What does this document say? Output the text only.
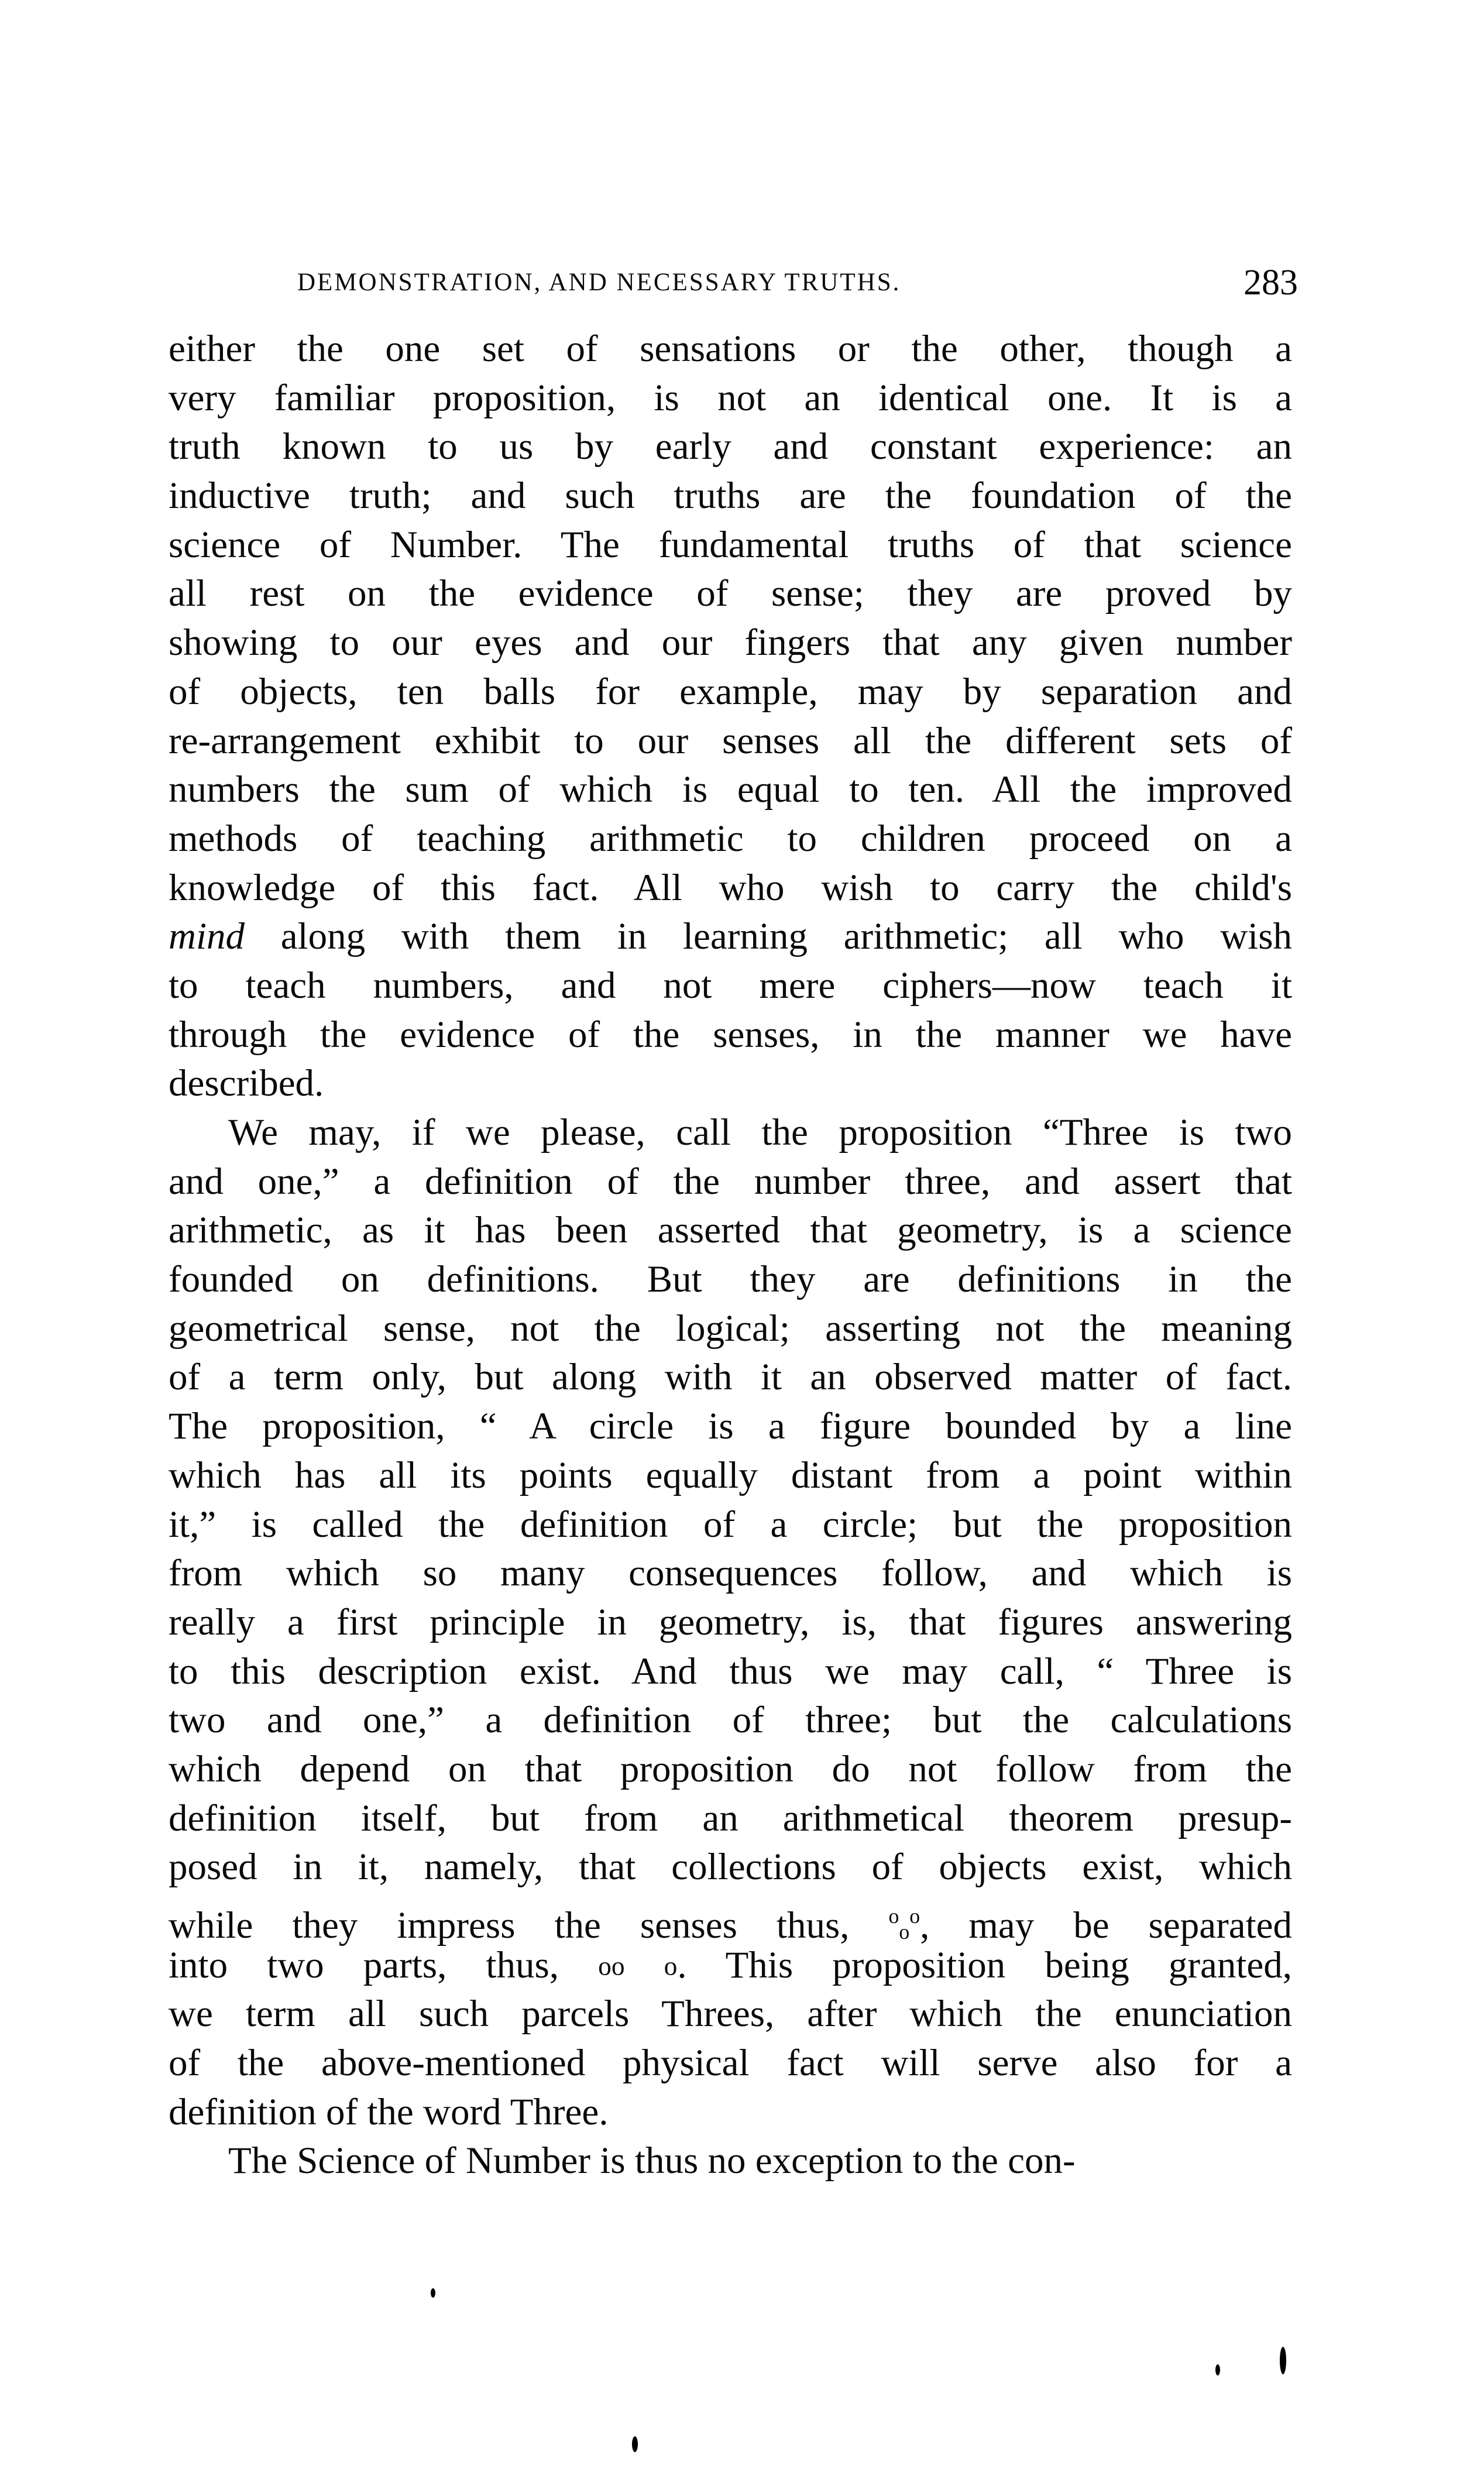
DEMONSTRATION, AND NECESSARY TRUTHS.	283
either the one set of sensations or the other, though a
very familiar proposition, is not an identical one. It is a
truth known to us by early and constant experience: an
inductive truth; and such truths are the foundation of the
science of Number. The fundamental truths of that science
all rest on the evidence of sense; they are proved by
showing to our eyes and our fingers that any given number
of objects, ten balls for example, may by separation and
re-arrangement exhibit to our senses all the different sets of
numbers the sum of which is equal to ten. All the improved
methods of teaching arithmetic to children proceed on a
knowledge of this fact. All who wish to carry the child's
mind along with them in learning arithmetic; all who wish
to teach numbers, and not mere ciphers—now teach it
through the evidence of the senses, in the manner we have
described.
We may, if we please, call the proposition “Three is two
and one,” a definition of the number three, and assert that
arithmetic, as it has been asserted that geometry, is a science
founded on definitions. But they are definitions in the
geometrical sense, not the logical; asserting not the meaning
of a term only, but along with it an observed matter of fact.
The proposition, “ A circle is a figure bounded by a line
which has all its points equally distant from a point within
it,” is called the definition of a circle; but the proposition
from which so many consequences follow, and which is
really a first principle in geometry, is, that figures answering
to this description exist. And thus we may call, “ Three is
two and one,” a definition of three; but the calculations
which depend on that proposition do not follow from the
definition itself, but from an arithmetical theorem presup-
posed in it, namely, that collections of objects exist, which
while they impress the senses thus, $^oo^o$, may be separated
into two parts, thus, oo o. This proposition being granted,
we term all such parcels Threes, after which the enunciation
of the above-mentioned physical fact will serve also for a
definition of the word Three.
The Science of Number is thus no exception to the con-
